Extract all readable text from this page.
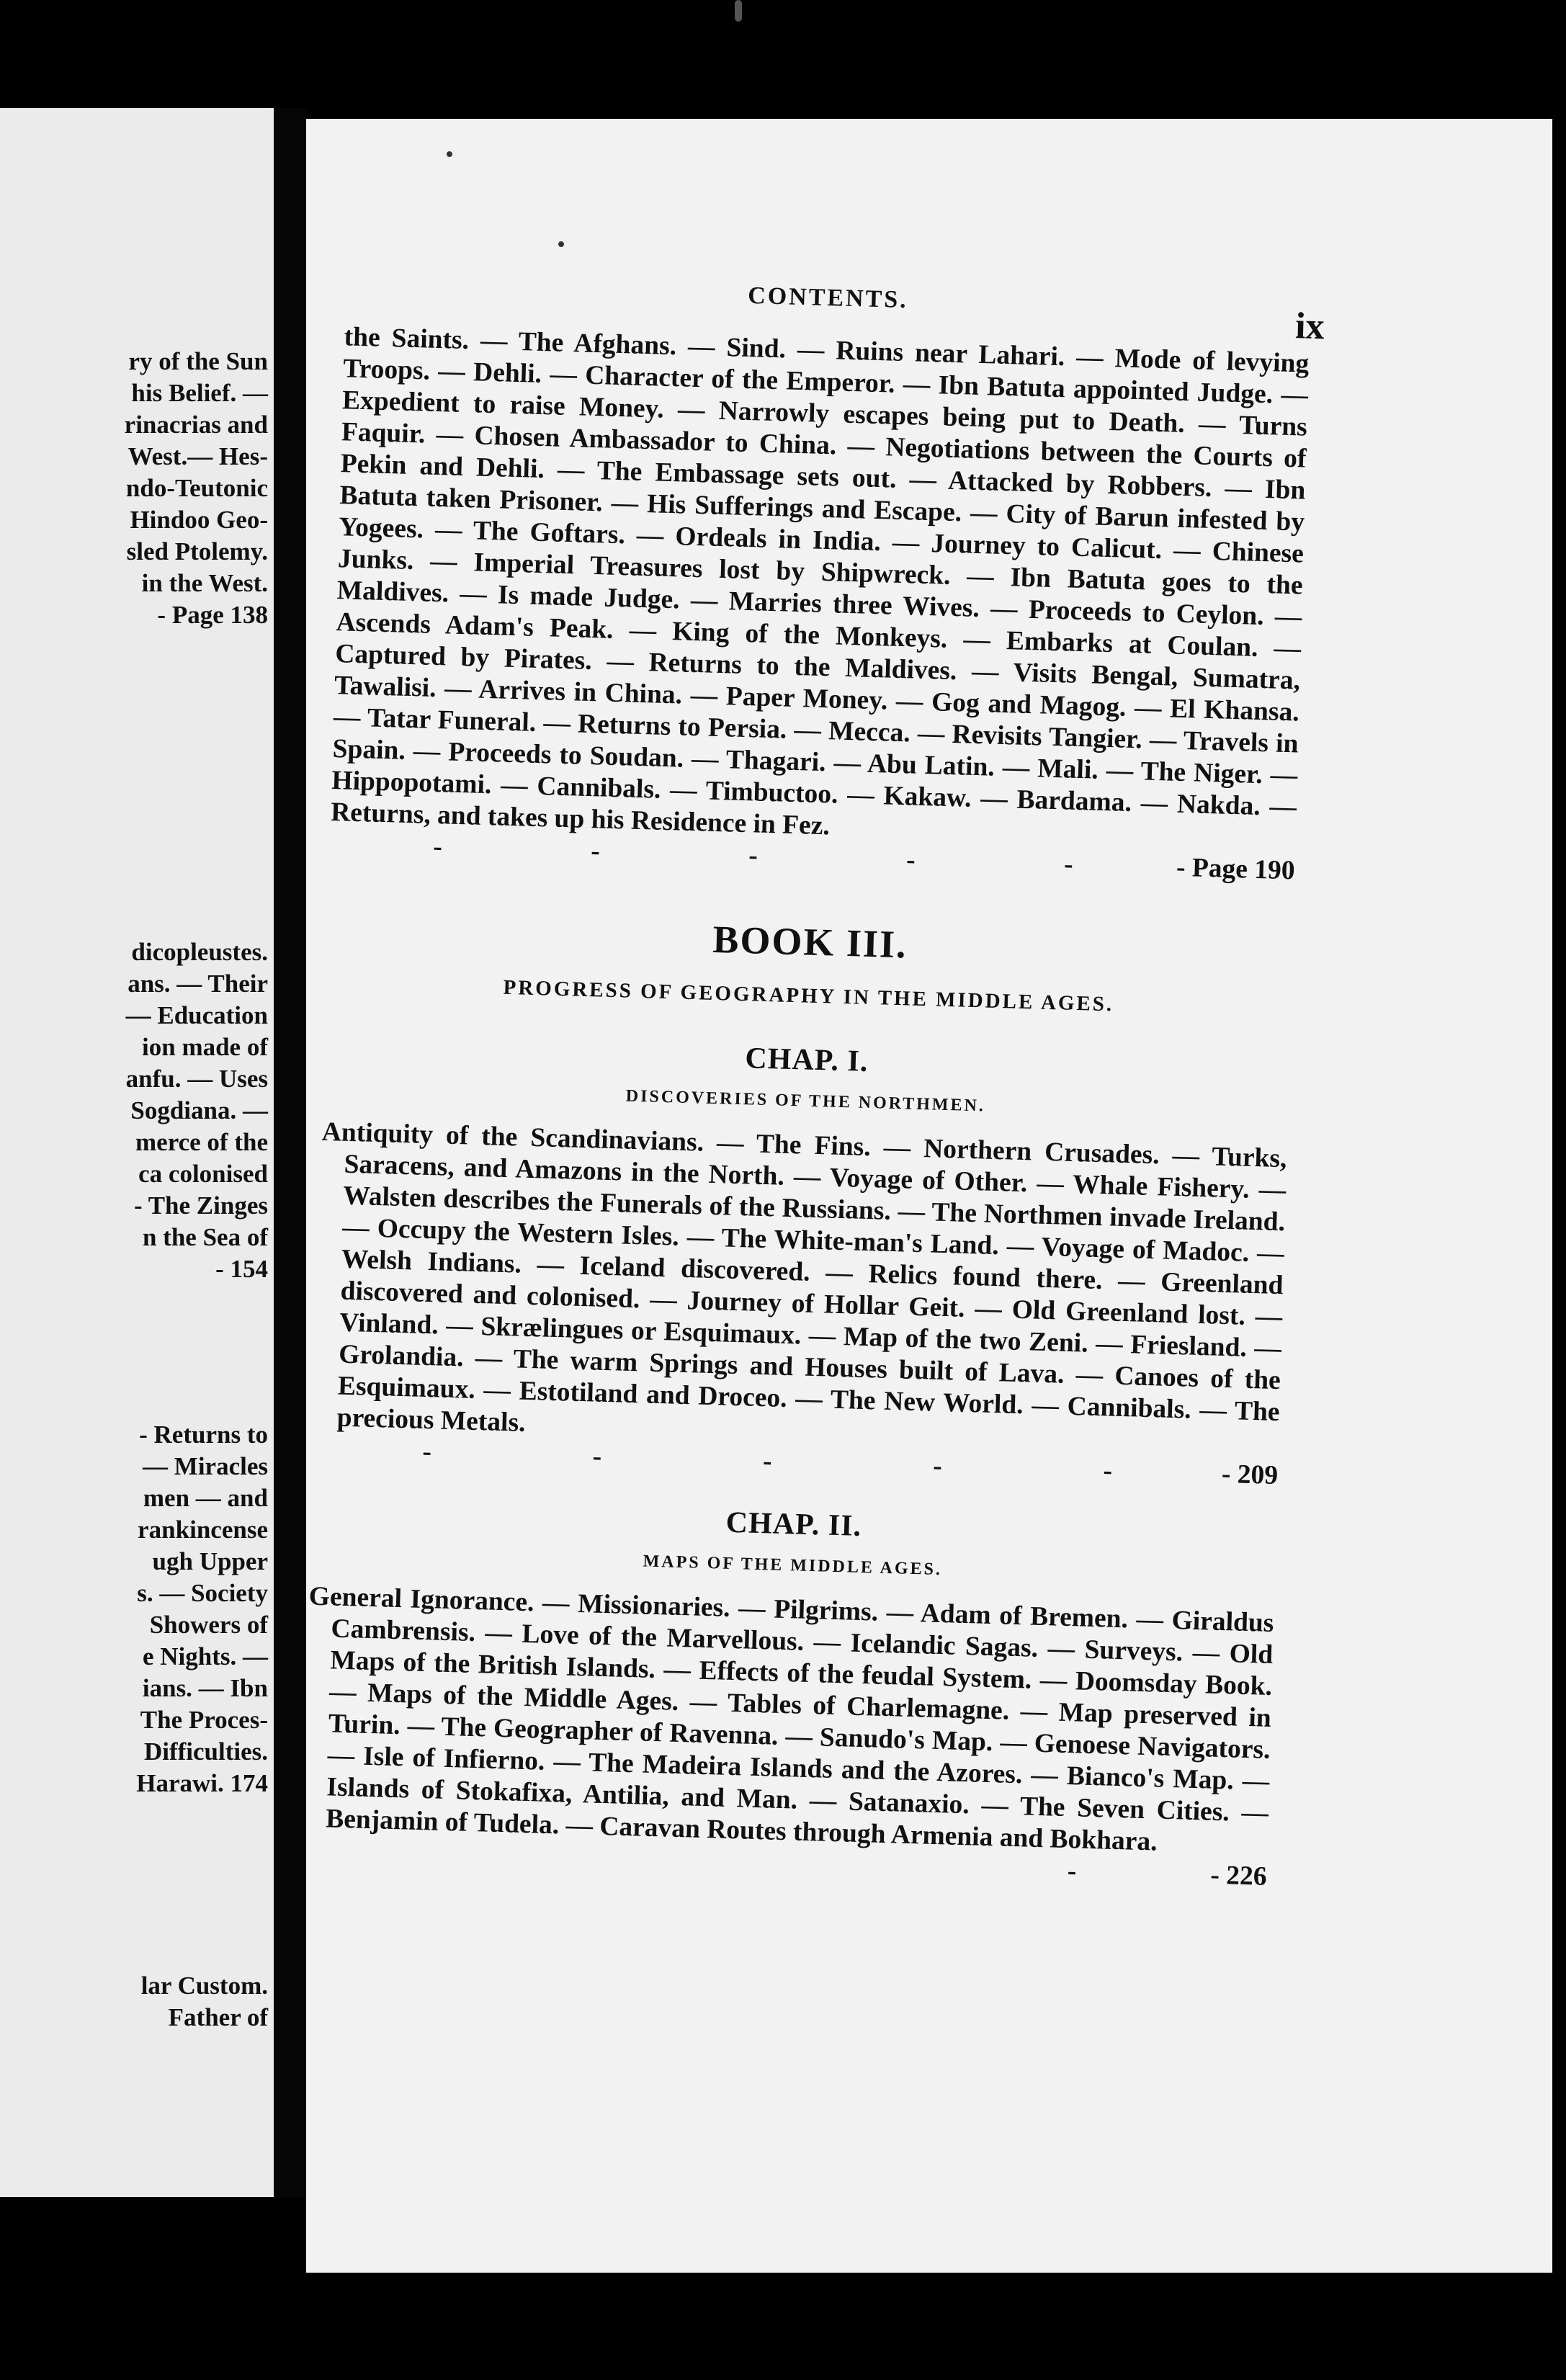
ry of the Sun
his Belief. —
rinacrias and
West.— Hes-
ndo-Teutonic
Hindoo Geo-
sled Ptolemy.
in the West.
- Page 138
dicopleustes.
ans. — Their
— Education
ion made of
anfu. — Uses
Sogdiana. —
merce of the
ca colonised
- The Zinges
n the Sea of
- 154
- Returns to
— Miracles
men — and
rankincense
ugh Upper
s. — Society
Showers of
e Nights. —
ians. — Ibn
The Proces-
Difficulties.
Harawi. 174
lar Custom.
Father of
CONTENTS.
ix

the Saints. — The Afghans. — Sind. — Ruins near Lahari. — Mode of levying Troops. — Dehli. — Character of the Emperor. — Ibn Batuta appointed Judge. — Expedient to raise Money. — Narrowly escapes being put to Death. — Turns Faquir. — Chosen Ambassador to China. — Negotiations between the Courts of Pekin and Dehli. — The Embassage sets out. — Attacked by Robbers. — Ibn Batuta taken Prisoner. — His Sufferings and Escape. — City of Barun infested by Yogees. — The Goftars. — Ordeals in India. — Journey to Calicut. — Chinese Junks. — Imperial Treasures lost by Shipwreck. — Ibn Batuta goes to the Maldives. — Is made Judge. — Marries three Wives. — Proceeds to Ceylon. — Ascends Adam's Peak. — King of the Monkeys. — Embarks at Coulan. — Captured by Pirates. — Returns to the Maldives. — Visits Bengal, Sumatra, Tawalisi. — Arrives in China. — Paper Money. — Gog and Magog. — El Khansa. — Tatar Funeral. — Returns to Persia. — Mecca. — Revisits Tangier. — Travels in Spain. — Proceeds to Soudan. — Thagari. — Abu Latin. — Mali. — The Niger. — Hippopotami. — Cannibals. — Timbuctoo. — Kakaw. — Bardama. — Nakda. — Returns, and takes up his Residence in Fez.

-	-	-	-	-	- Page 190
BOOK III.
PROGRESS OF GEOGRAPHY IN THE MIDDLE AGES.
CHAP. I.
DISCOVERIES OF THE NORTHMEN.

Antiquity of the Scandinavians. — The Fins. — Northern Crusades. — Turks, Saracens, and Amazons in the North. — Voyage of Other. — Whale Fishery. — Walsten describes the Funerals of the Russians. — The Northmen invade Ireland. — Occupy the Western Isles. — The White-man's Land. — Voyage of Madoc. — Welsh Indians. — Iceland discovered. — Relics found there. — Greenland discovered and colonised. — Journey of Hollar Geit. — Old Greenland lost. — Vinland. — Skrælingues or Esquimaux. — Map of the two Zeni. — Friesland. — Grolandia. — The warm Springs and Houses built of Lava. — Canoes of the Esquimaux. — Estotiland and Droceo. — The New World. — Cannibals. — The precious Metals.

-	-	-	-	-	- 209
CHAP. II.
MAPS OF THE MIDDLE AGES.

General Ignorance. — Missionaries. — Pilgrims. — Adam of Bremen. — Giraldus Cambrensis. — Love of the Marvellous. — Icelandic Sagas. — Surveys. — Old Maps of the British Islands. — Effects of the feudal System. — Doomsday Book. — Maps of the Middle Ages. — Tables of Charlemagne. — Map preserved in Turin. — The Geographer of Ravenna. — Sanudo's Map. — Genoese Navigators. — Isle of Infierno. — The Madeira Islands and the Azores. — Bianco's Map. — Islands of Stokafixa, Antilia, and Man. — Satanaxio. — The Seven Cities. — Benjamin of Tudela. — Caravan Routes through Armenia and Bokhara.

-	- 226
